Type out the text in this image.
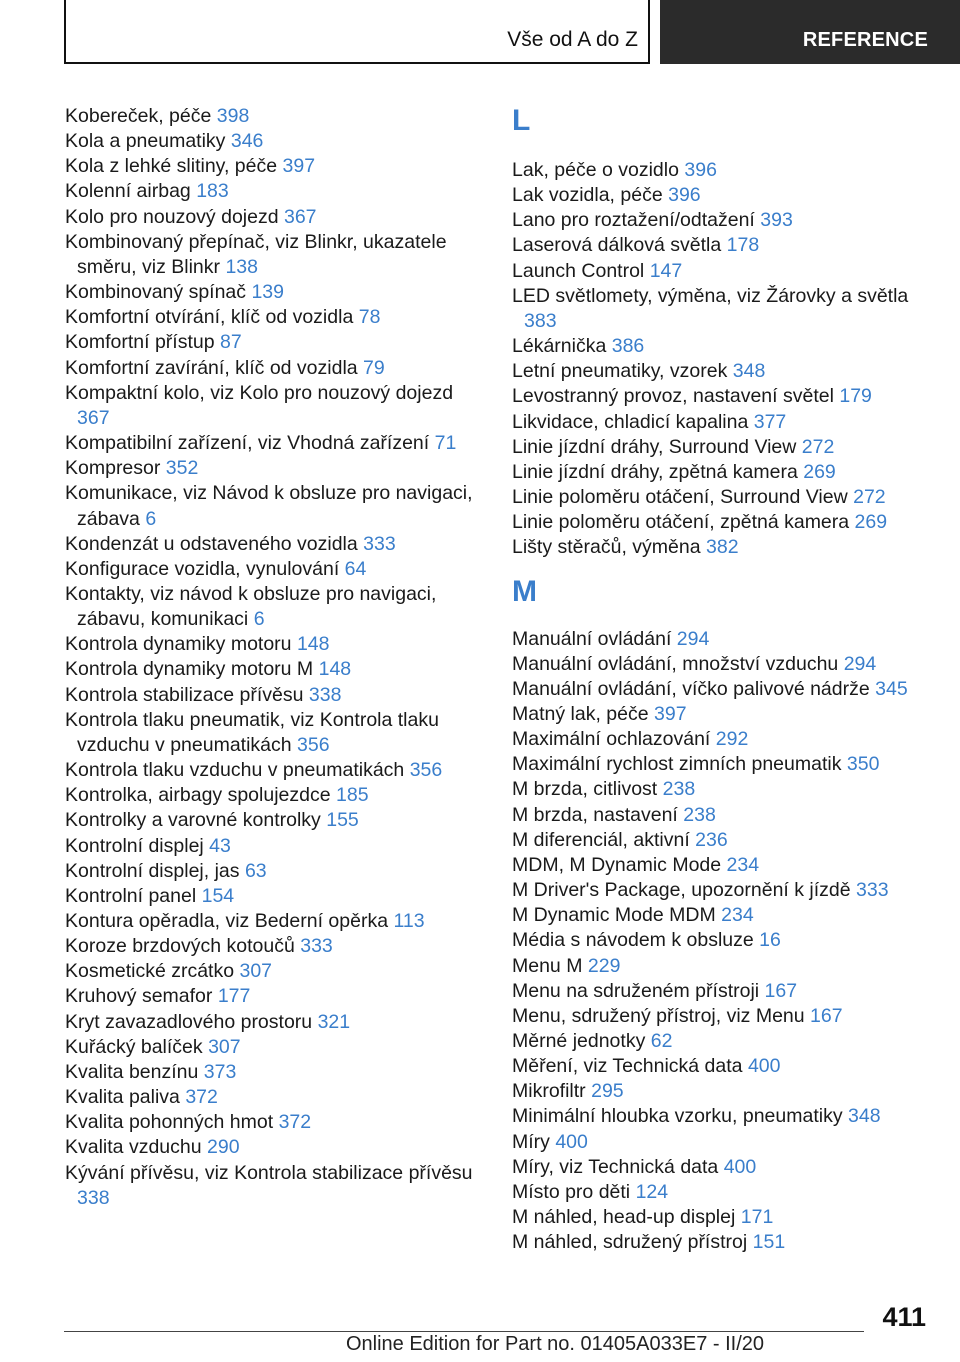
Vše od A do Z	REFERENCE
Kobereček, péče 398
Kola a pneumatiky 346
Kola z lehké slitiny, péče 397
Kolenní airbag 183
Kolo pro nouzový dojezd 367
Kombinovaný přepínač, viz Blinkr, ukazatele směru, viz Blinkr 138
Kombinovaný spínač 139
Komfortní otvírání, klíč od vozidla 78
Komfortní přístup 87
Komfortní zavírání, klíč od vozidla 79
Kompaktní kolo, viz Kolo pro nouzový dojezd 367
Kompatibilní zařízení, viz Vhodná zařízení 71
Kompresor 352
Komunikace, viz Návod k obsluze pro navigaci, zábava 6
Kondenzát u odstaveného vozidla 333
Konfigurace vozidla, vynulování 64
Kontakty, viz návod k obsluze pro navigaci, zábavu, komunikaci 6
Kontrola dynamiky motoru 148
Kontrola dynamiky motoru M 148
Kontrola stabilizace přívěsu 338
Kontrola tlaku pneumatik, viz Kontrola tlaku vzduchu v pneumatikách 356
Kontrola tlaku vzduchu v pneumatikách 356
Kontrolka, airbagy spolujezdce 185
Kontrolky a varovné kontrolky 155
Kontrolní displej 43
Kontrolní displej, jas 63
Kontrolní panel 154
Kontura opěradla, viz Bederní opěrka 113
Koroze brzdových kotoučů 333
Kosmetické zrcátko 307
Kruhový semafor 177
Kryt zavazadlového prostoru 321
Kuřácký balíček 307
Kvalita benzínu 373
Kvalita paliva 372
Kvalita pohonných hmot 372
Kvalita vzduchu 290
Kývání přívěsu, viz Kontrola stabilizace přívěsu 338
L
Lak, péče o vozidlo 396
Lak vozidla, péče 396
Lano pro roztažení/odtažení 393
Laserová dálková světla 178
Launch Control 147
LED světlomety, výměna, viz Žárovky a světla 383
Lékárnička 386
Letní pneumatiky, vzorek 348
Levostranný provoz, nastavení světel 179
Likvidace, chladicí kapalina 377
Linie jízdní dráhy, Surround View 272
Linie jízdní dráhy, zpětná kamera 269
Linie poloměru otáčení, Surround View 272
Linie poloměru otáčení, zpětná kamera 269
Lišty stěračů, výměna 382
M
Manuální ovládání 294
Manuální ovládání, množství vzduchu 294
Manuální ovládání, víčko palivové nádrže 345
Matný lak, péče 397
Maximální ochlazování 292
Maximální rychlost zimních pneumatik 350
M brzda, citlivost 238
M brzda, nastavení 238
M diferenciál, aktivní 236
MDM, M Dynamic Mode 234
M Driver's Package, upozornění k jízdě 333
M Dynamic Mode MDM 234
Média s návodem k obsluze 16
Menu M 229
Menu na sdruženém přístroji 167
Menu, sdružený přístroj, viz Menu 167
Měrné jednotky 62
Měření, viz Technická data 400
Mikrofiltr 295
Minimální hloubka vzorku, pneumatiky 348
Míry 400
Míry, viz Technická data 400
Místo pro děti 124
M náhled, head-up displej 171
M náhled, sdružený přístroj 151
411
Online Edition for Part no. 01405A033E7 - II/20
